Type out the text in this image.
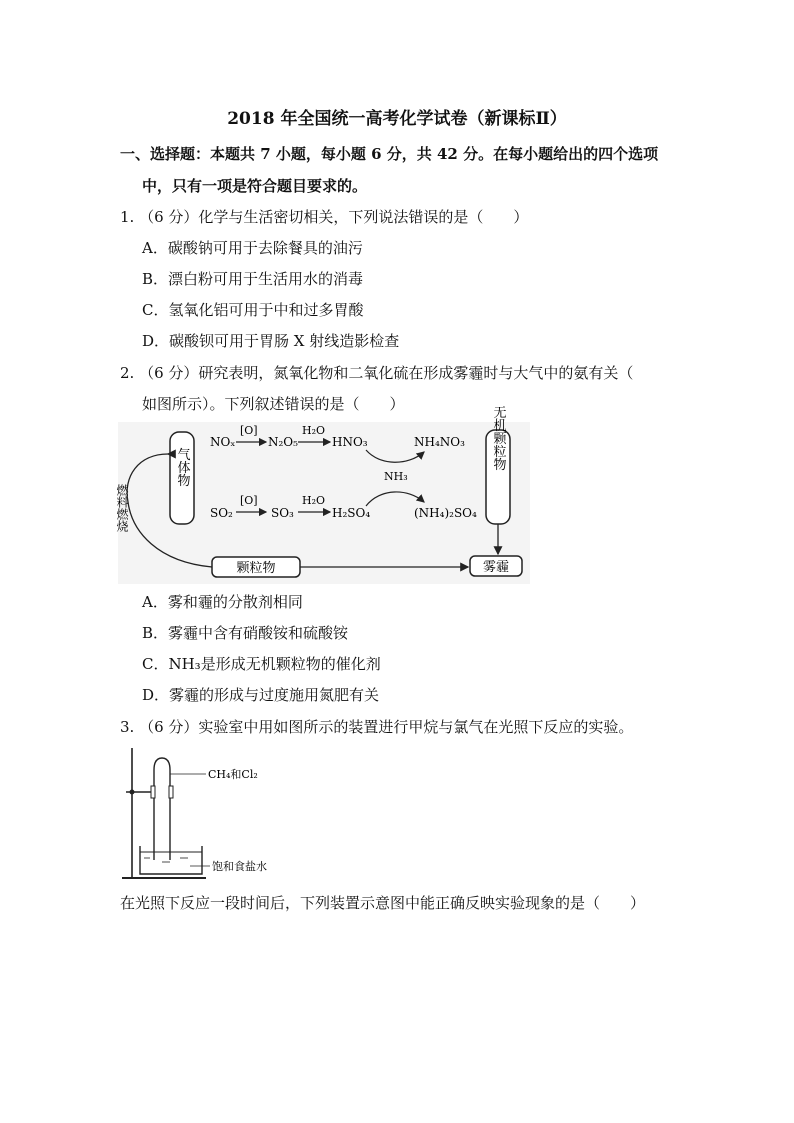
2018 年全国统一高考化学试卷（新课标Ⅱ）
一、选择题：本题共 7 小题，每小题 6 分，共 42 分。在每小题给出的四个选项
中，只有一项是符合题目要求的。
1. （6 分）化学与生活密切相关，下列说法错误的是（　　）
A．碳酸钠可用于去除餐具的油污
B．漂白粉可用于生活用水的消毒
C．氢氧化铝可用于中和过多胃酸
D．碳酸钡可用于胃肠 X 射线造影检查
2. （6 分）研究表明，氮氧化物和二氧化硫在形成雾霾时与大气中的氨有关（
如图所示）。下列叙述错误的是（　　）
气体物	无机颗粒物
颗粒物	雾霾
燃料燃烧
NOₓ
[O]
N₂O₅
H₂O
HNO₃	NH₄NO₃
NH₃
SO₂
[O]
SO₃
H₂O
H₂SO₄	(NH₄)₂SO₄
A．雾和霾的分散剂相同
B．雾霾中含有硝酸铵和硫酸铵
C．NH₃是形成无机颗粒物的催化剂
D．雾霾的形成与过度施用氮肥有关
3. （6 分）实验室中用如图所示的装置进行甲烷与氯气在光照下反应的实验。
CH₄和Cl₂
饱和食盐水
在光照下反应一段时间后，下列装置示意图中能正确反映实验现象的是（　　）
